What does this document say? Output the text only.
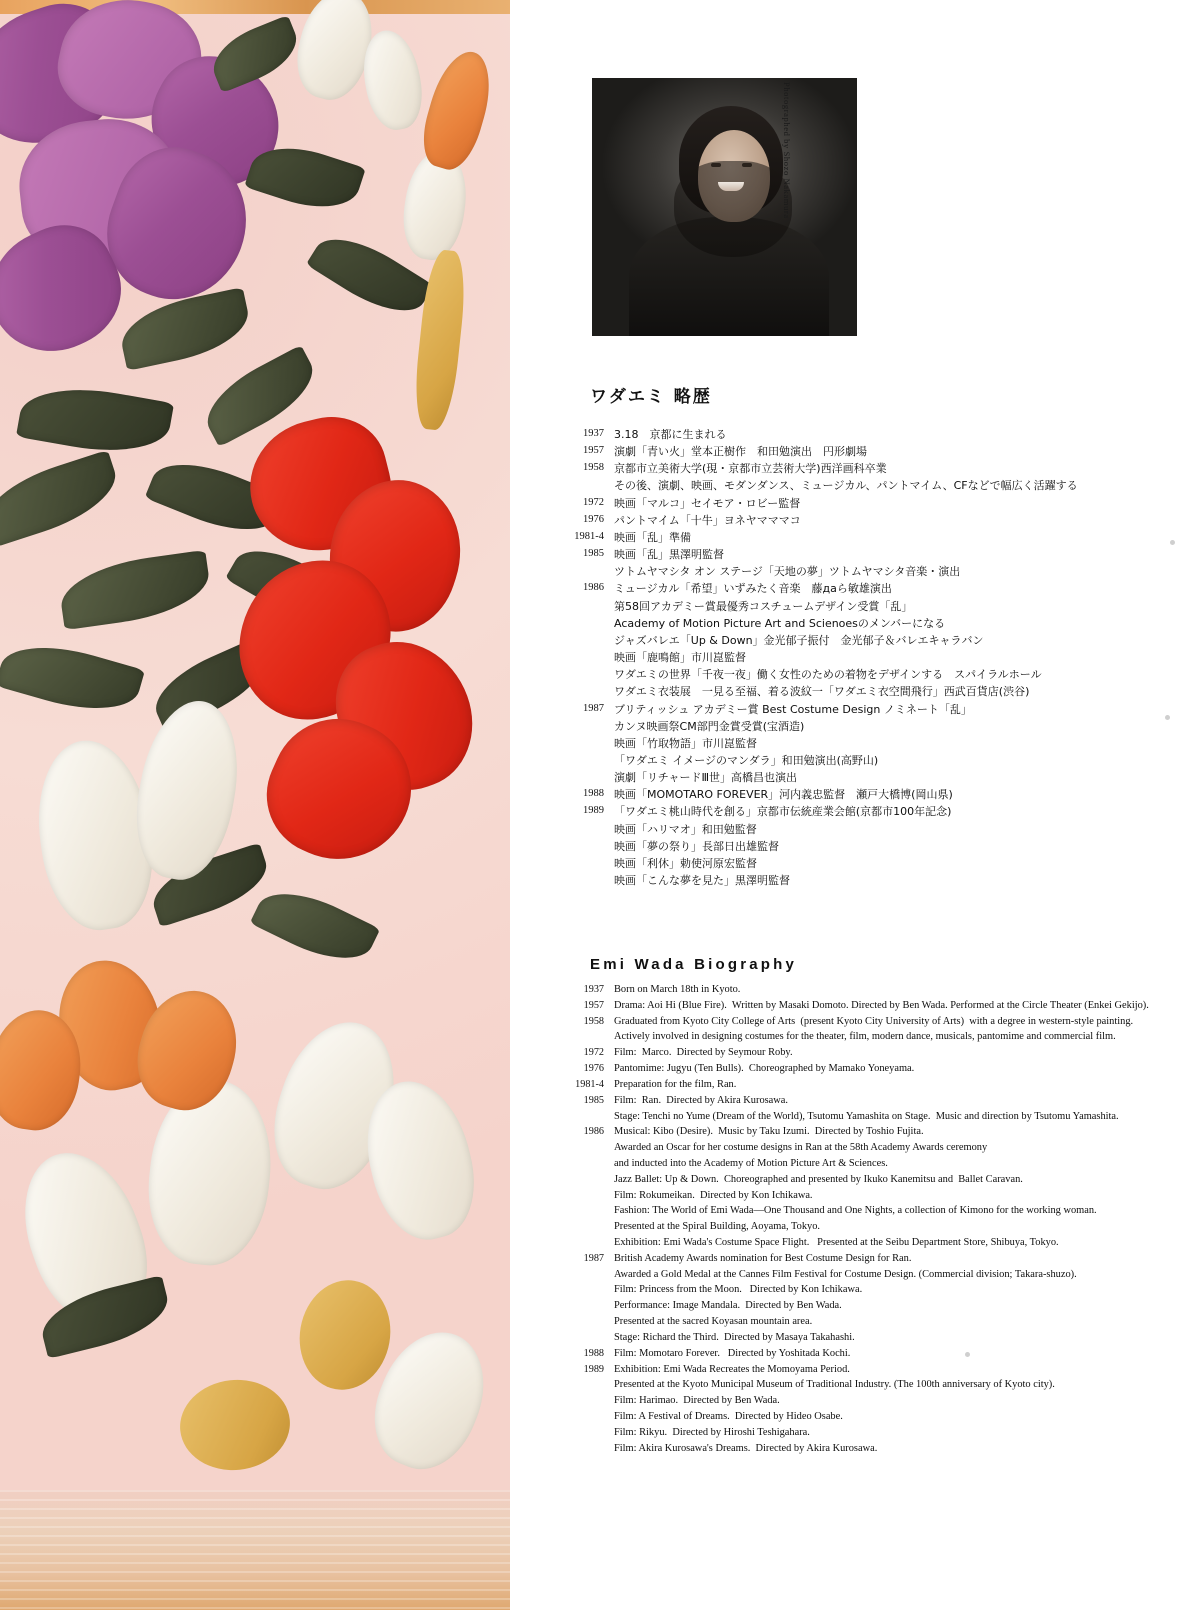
Photographed by Shozo Nakamura
ワダエミ 略歴
1937 3.18　京都に生まれる
1957 演劇「青い火」堂本正樹作　和田勉演出　円形劇場
1958 京都市立美術大学(現・京都市立芸術大学)西洋画科卒業
その後、演劇、映画、モダンダンス、ミュージカル、パントマイム、CFなどで幅広く活躍する
1972 映画「マルコ」セイモア・ロビー監督
1976 パントマイム「十牛」ヨネヤマママコ
1981-4 映画「乱」準備
1985 映画「乱」黒澤明監督
ツトムヤマシタ オン ステージ「天地の夢」ツトムヤマシタ音楽・演出
1986 ミュージカル「希望」いずみたく音楽　藤даら敏雄演出
第58回アカデミー賞最優秀コスチュームデザイン受賞「乱」
Academy of Motion Picture Art and Scienoesのメンバーになる
ジャズバレエ「Up & Down」金光郁子振付　金光郁子＆バレエキャラバン
映画「鹿鳴館」市川崑監督
ワダエミの世界「千夜一夜」働く女性のための着物をデザインする　スパイラルホール
ワダエミ衣装展　一見る至福、着る波紋一「ワダエミ衣空間飛行」西武百貨店(渋谷)
1987 ブリティッシュ アカデミー賞 Best Costume Design ノミネート「乱」
カンヌ映画祭CM部門金賞受賞(宝酒造)
映画「竹取物語」市川崑監督
「ワダエミ イメージのマンダラ」和田勉演出(高野山)
演劇「リチャードⅢ世」高橋昌也演出
1988 映画「MOMOTARO FOREVER」河内義忠監督　瀬戸大橋博(岡山県)
1989 「ワダエミ桃山時代を創る」京都市伝統産業会館(京都市100年記念)
映画「ハリマオ」和田勉監督
映画「夢の祭り」長部日出雄監督
映画「利休」勅使河原宏監督
映画「こんな夢を見た」黒澤明監督
Emi Wada Biography
1937 Born on March 18th in Kyoto.
1957 Drama: Aoi Hi (Blue Fire).  Written by Masaki Domoto. Directed by Ben Wada. Performed at the Circle Theater (Enkei Gekijo).
1958 Graduated from Kyoto City College of Arts  (present Kyoto City University of Arts)  with a degree in western-style painting.
Actively involved in designing costumes for the theater, film, modern dance, musicals, pantomime and commercial film.
1972 Film:  Marco.  Directed by Seymour Roby.
1976 Pantomime: Jugyu (Ten Bulls).  Choreographed by Mamako Yoneyama.
1981-4 Preparation for the film, Ran.
1985 Film:  Ran.  Directed by Akira Kurosawa.
Stage: Tenchi no Yume (Dream of the World), Tsutomu Yamashita on Stage.  Music and direction by Tsutomu Yamashita.
1986 Musical: Kibo (Desire).  Music by Taku Izumi.  Directed by Toshio Fujita.
Awarded an Oscar for her costume designs in Ran at the 58th Academy Awards ceremony
and inducted into the Academy of Motion Picture Art & Sciences.
Jazz Ballet: Up & Down.  Choreographed and presented by Ikuko Kanemitsu and  Ballet Caravan.
Film: Rokumeikan.  Directed by Kon Ichikawa.
Fashion: The World of Emi Wada—One Thousand and One Nights, a collection of Kimono for the working woman.
Presented at the Spiral Building, Aoyama, Tokyo.
Exhibition: Emi Wada's Costume Space Flight.   Presented at the Seibu Department Store, Shibuya, Tokyo.
1987 British Academy Awards nomination for Best Costume Design for Ran.
Awarded a Gold Medal at the Cannes Film Festival for Costume Design. (Commercial division; Takara-shuzo).
Film: Princess from the Moon.   Directed by Kon Ichikawa.
Performance: Image Mandala.  Directed by Ben Wada.
Presented at the sacred Koyasan mountain area.
Stage: Richard the Third.  Directed by Masaya Takahashi.
1988 Film: Momotaro Forever.   Directed by Yoshitada Kochi.
1989 Exhibition: Emi Wada Recreates the Momoyama Period.
Presented at the Kyoto Municipal Museum of Traditional Industry. (The 100th anniversary of Kyoto city).
Film: Harimao.  Directed by Ben Wada.
Film: A Festival of Dreams.  Directed by Hideo Osabe.
Film: Rikyu.  Directed by Hiroshi Teshigahara.
Film: Akira Kurosawa's Dreams.  Directed by Akira Kurosawa.
